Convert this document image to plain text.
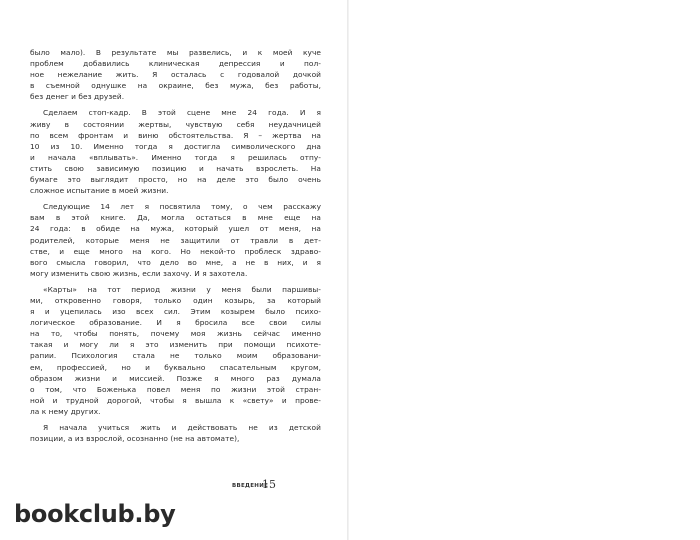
было мало). В результате мы развелись, и к моей куче
проблем добавились клиническая депрессия и пол-
ное нежелание жить. Я осталась с годовалой дочкой
в съемной однушке на окраине, без мужа, без работы,
без денег и без друзей.
Сделаем стоп-кадр. В этой сцене мне 24 года. И я
живу в состоянии жертвы, чувствую себя неудачницей
по всем фронтам и виню обстоятельства. Я – жертва на
10 из 10. Именно тогда я достигла символического дна
и начала «вплывать». Именно тогда я решилась отпу-
стить свою зависимую позицию и начать взрослеть. На
бумаге это выглядит просто, но на деле это было очень
сложное испытание в моей жизни.
Следующие 14 лет я посвятила тому, о чем расскажу
вам в этой книге. Да, могла остаться в мне еще на
24 года: в обиде на мужа, который ушел от меня, на
родителей, которые меня не защитили от травли в дет-
стве, и еще много на кого. Но некой-то проблеск здраво-
вого смысла говорил, что дело во мне, а не в них, и я
могу изменить свою жизнь, если захочу. И я захотела.
«Карты» на тот период жизни у меня были паршивы-
ми, откровенно говоря, только один козырь, за который
я и уцепилась изо всех сил. Этим козырем было психо-
логическое образование. И я бросила все свои силы
на то, чтобы понять, почему моя жизнь сейчас именно
такая и могу ли я это изменить при помощи психоте-
рапии. Психология стала не только моим образовани-
ем, профессией, но и буквально спасательным кругом,
образом жизни и миссией. Позже я много раз думала
о том, что Боженька повел меня по жизни этой стран-
ной и трудной дорогой, чтобы я вышла к «свету» и прове-
ла к нему других.
Я начала учиться жить и действовать не из детской
позиции, а из взрослой, осознанно (не на автомате),
ВВЕДЕНИЕ
15
bookclub.by
